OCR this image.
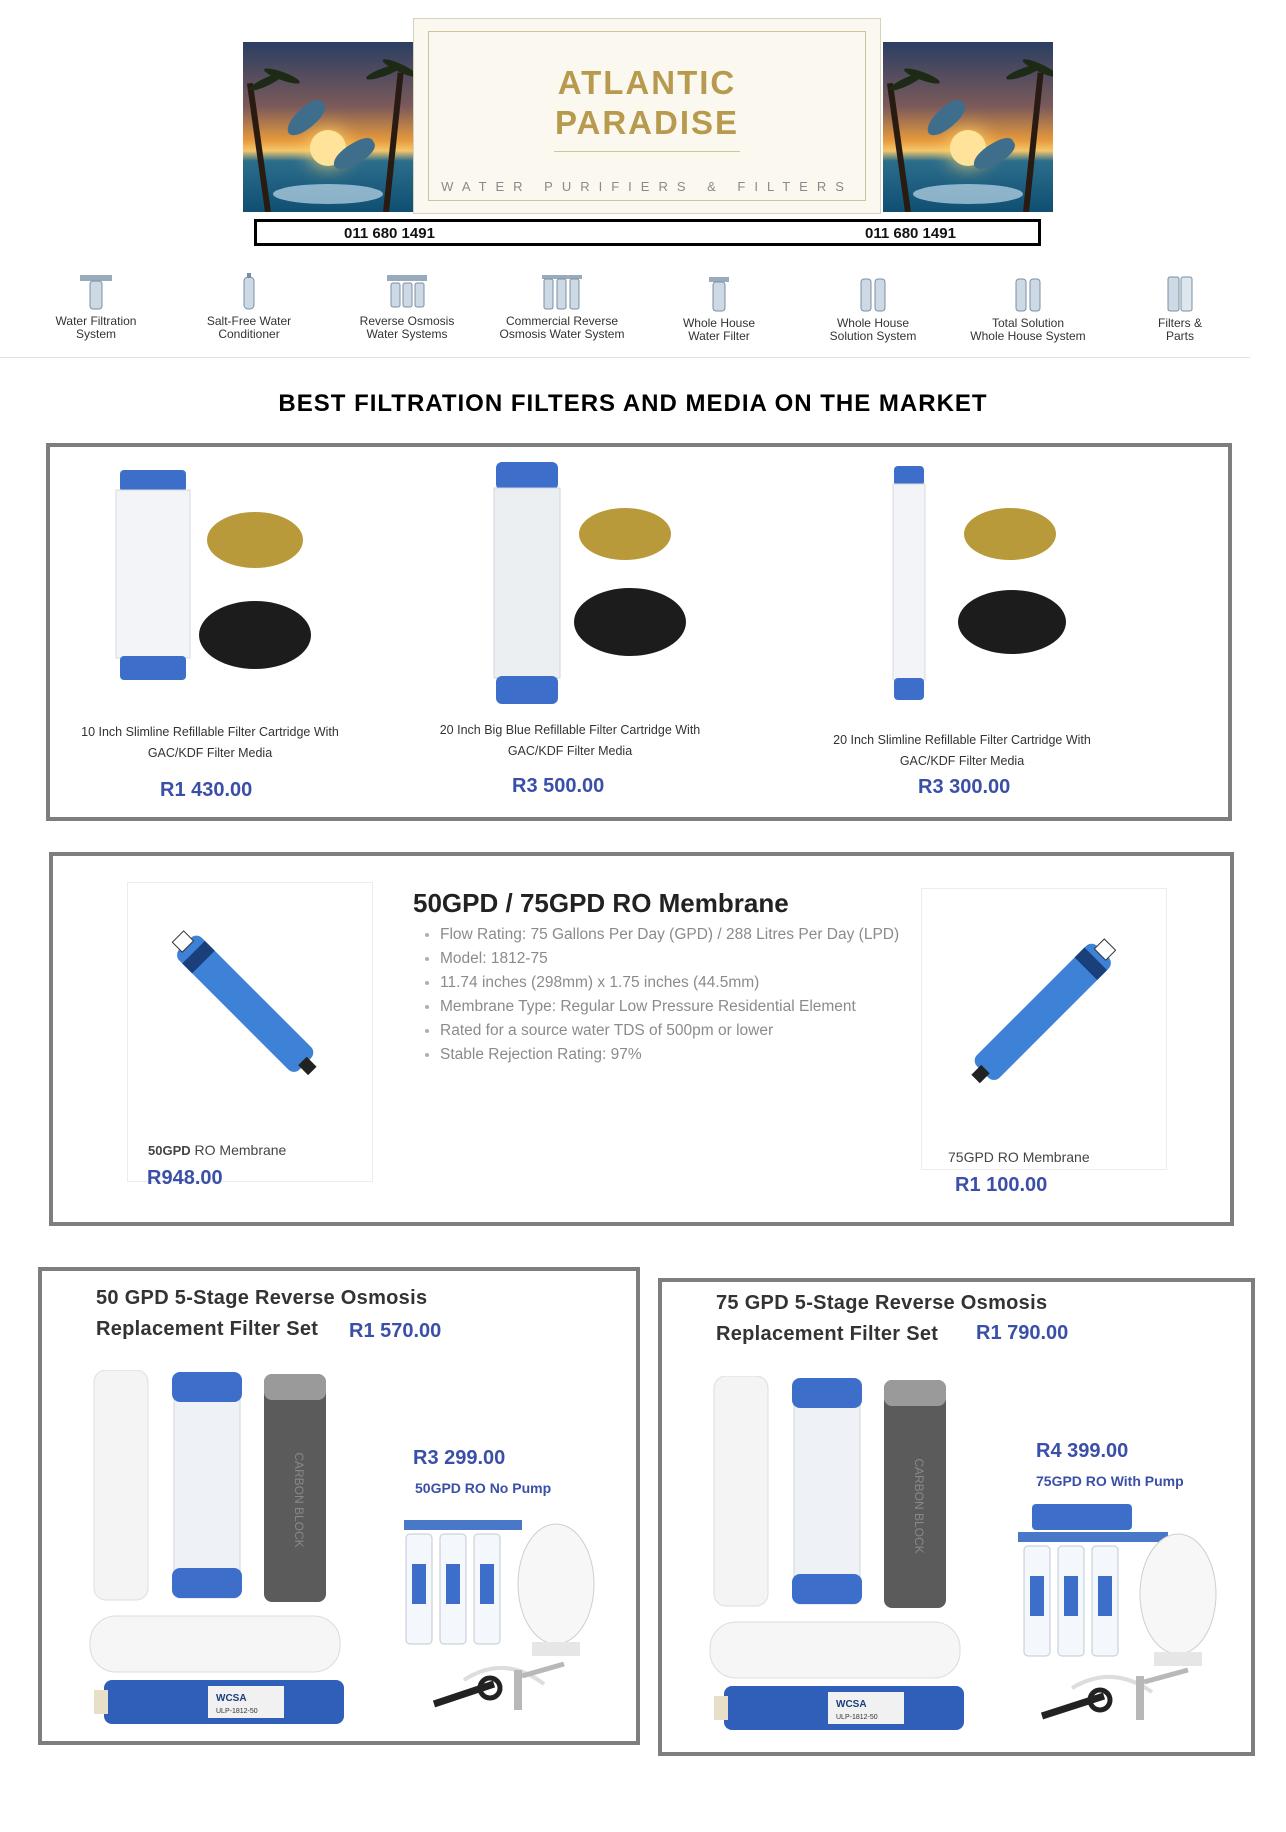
ATLANTIC
PARADISE
WATER PURIFIERS & FILTERS
011 680 1491	011 680 1491
Water Filtration
System
Salt-Free Water
Conditioner
Reverse Osmosis
Water Systems
Commercial Reverse
Osmosis Water System
Whole House
Water Filter
Whole House
Solution System
Total Solution
Whole House System
Filters &
Parts
BEST FILTRATION FILTERS AND MEDIA ON THE MARKET
10 Inch Slimline Refillable Filter Cartridge With
GAC/KDF Filter Media
R1 430.00
20 Inch Big Blue Refillable Filter Cartridge With
GAC/KDF Filter Media
R3 500.00
20 Inch Slimline Refillable Filter Cartridge With
GAC/KDF Filter Media
R3 300.00
50GPD RO Membrane
R948.00
50GPD / 75GPD RO Membrane
• Flow Rating: 75 Gallons Per Day (GPD) / 288 Litres Per Day (LPD)
• Model: 1812-75
• 11.74 inches (298mm) x 1.75 inches (44.5mm)
• Membrane Type: Regular Low Pressure Residential Element
• Rated for a source water TDS of 500pm or lower
• Stable Rejection Rating: 97%
75GPD RO Membrane
R1 100.00
50 GPD 5-Stage Reverse Osmosis
Replacement Filter Set	R1 570.00
CARBON BLOCK
WCSA
ULP-1812-50
R3 299.00
50GPD RO No Pump
75 GPD 5-Stage Reverse Osmosis
Replacement Filter Set	R1 790.00
CARBON BLOCK
WCSA
ULP-1812-50
R4 399.00
75GPD RO With Pump
